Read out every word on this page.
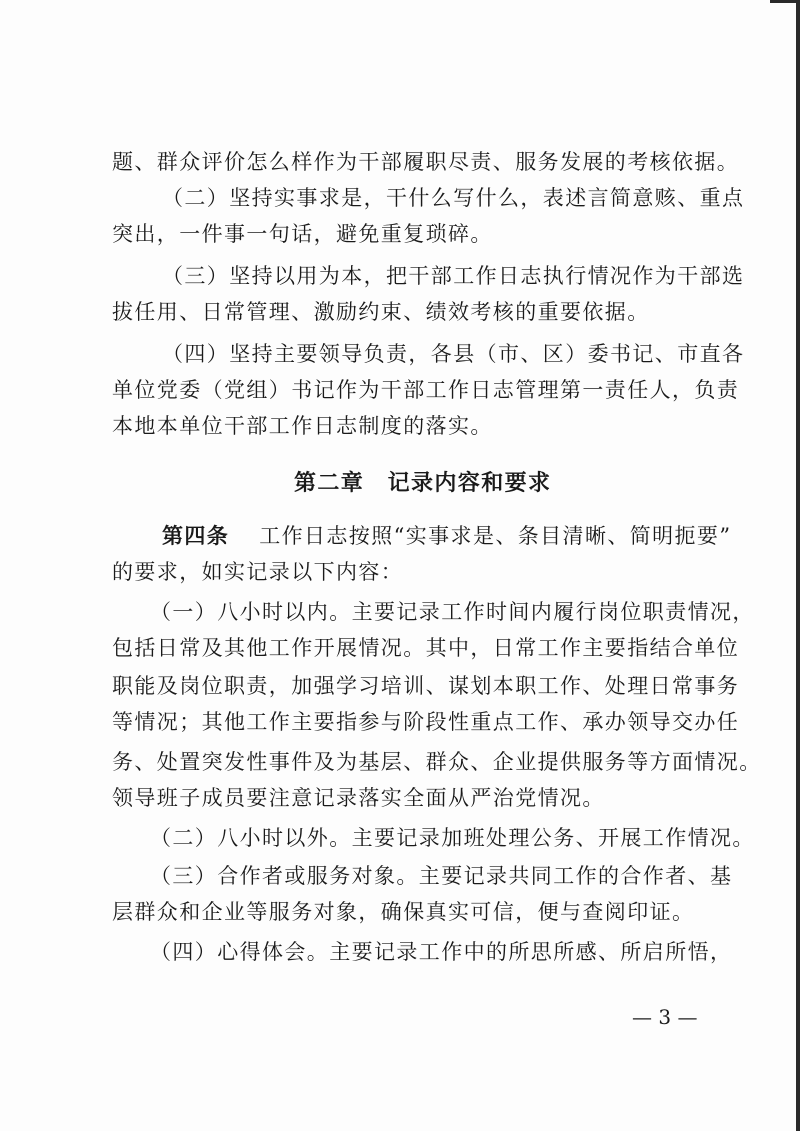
题、群众评价怎么样作为干部履职尽责、服务发展的考核依据。
（二）坚持实事求是，干什么写什么，表述言简意赅、重点
突出，一件事一句话，避免重复琐碎。
（三）坚持以用为本，把干部工作日志执行情况作为干部选
拔任用、日常管理、激励约束、绩效考核的重要依据。
（四）坚持主要领导负责，各县（市、区）委书记、市直各
单位党委（党组）书记作为干部工作日志管理第一责任人，负责
本地本单位干部工作日志制度的落实。
第二章　记录内容和要求
第四条 工作日志按照“实事求是、条目清晰、简明扼要”
的要求，如实记录以下内容：
（一）八小时以内。主要记录工作时间内履行岗位职责情况，
包括日常及其他工作开展情况。其中，日常工作主要指结合单位
职能及岗位职责，加强学习培训、谋划本职工作、处理日常事务
等情况；其他工作主要指参与阶段性重点工作、承办领导交办任
务、处置突发性事件及为基层、群众、企业提供服务等方面情况。
领导班子成员要注意记录落实全面从严治党情况。
（二）八小时以外。主要记录加班处理公务、开展工作情况。
（三）合作者或服务对象。主要记录共同工作的合作者、基
层群众和企业等服务对象，确保真实可信，便与查阅印证。
（四）心得体会。主要记录工作中的所思所感、所启所悟，
— 3 —
